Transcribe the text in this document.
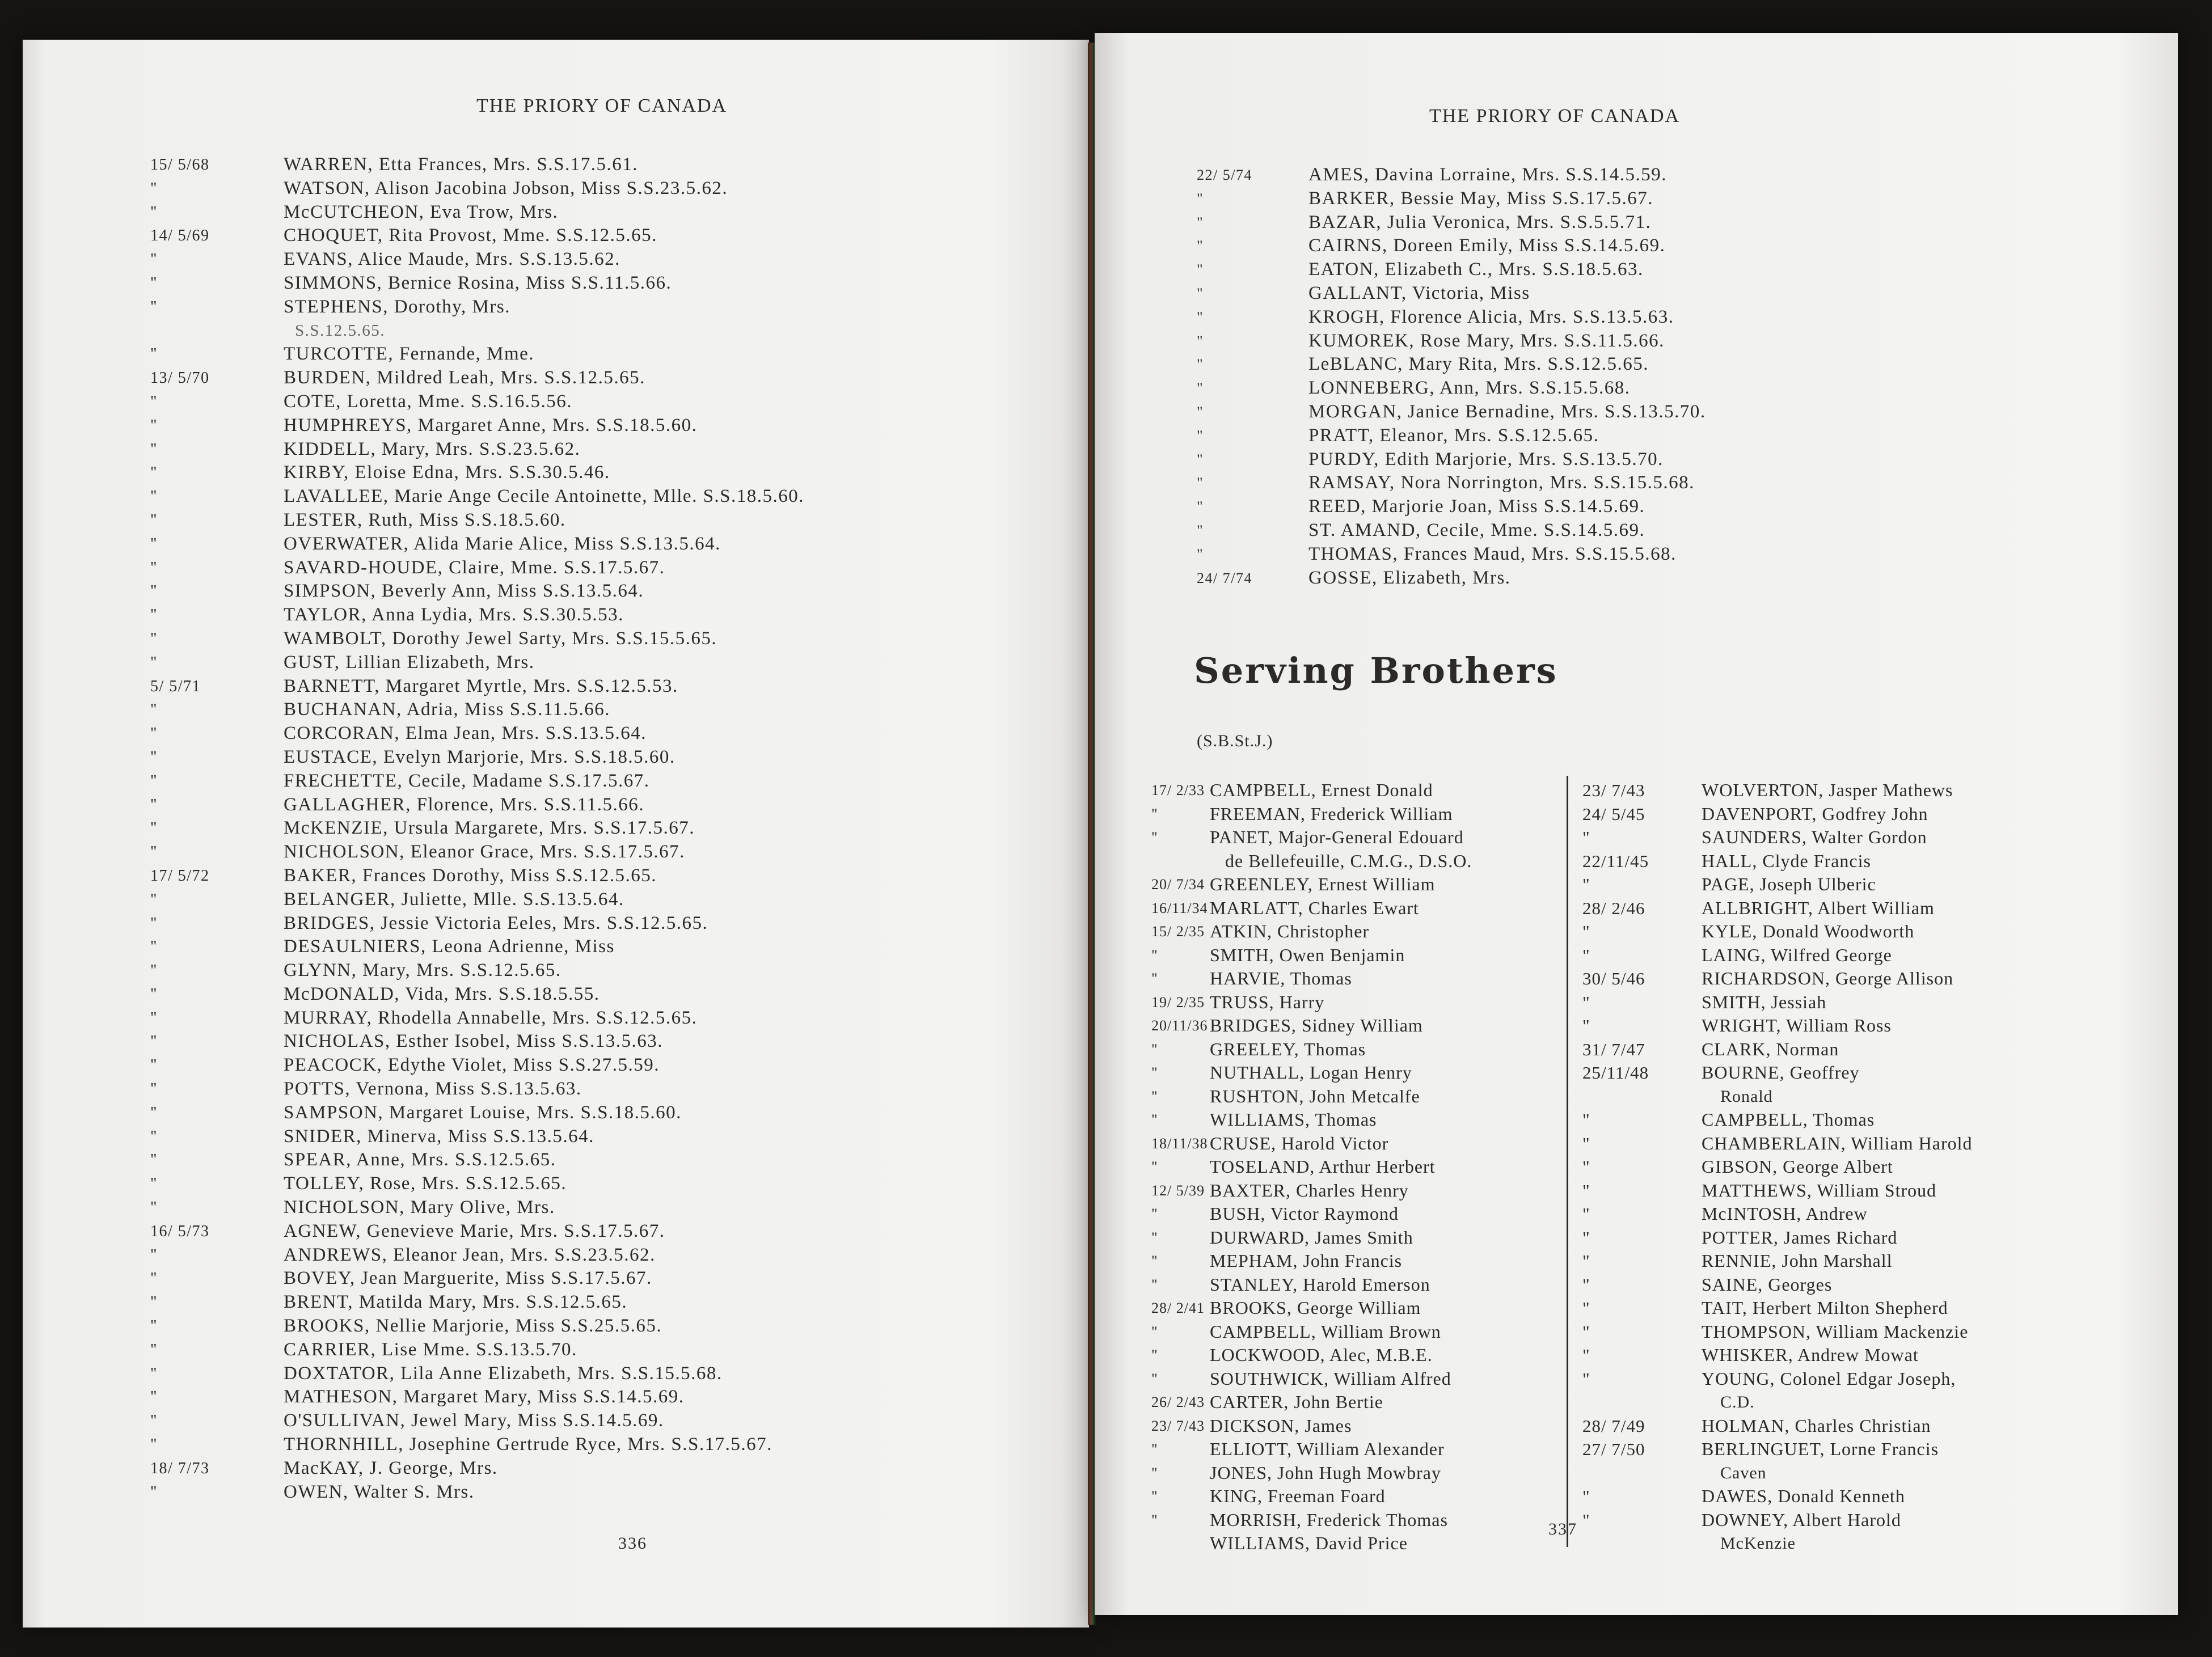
THE PRIORY OF CANADA
15/ 5/68	WARREN, Etta Frances, Mrs. S.S.17.5.61.
"	WATSON, Alison Jacobina Jobson, Miss S.S.23.5.62.
"	McCUTCHEON, Eva Trow, Mrs.
14/ 5/69	CHOQUET, Rita Provost, Mme. S.S.12.5.65.
"	EVANS, Alice Maude, Mrs. S.S.13.5.62.
"	SIMMONS, Bernice Rosina, Miss S.S.11.5.66.
"	STEPHENS, Dorothy, Mrs.
S.S.12.5.65.
"	TURCOTTE, Fernande, Mme.
13/ 5/70	BURDEN, Mildred Leah, Mrs. S.S.12.5.65.
"	COTE, Loretta, Mme. S.S.16.5.56.
"	HUMPHREYS, Margaret Anne, Mrs. S.S.18.5.60.
"	KIDDELL, Mary, Mrs. S.S.23.5.62.
"	KIRBY, Eloise Edna, Mrs. S.S.30.5.46.
"	LAVALLEE, Marie Ange Cecile Antoinette, Mlle. S.S.18.5.60.
"	LESTER, Ruth, Miss S.S.18.5.60.
"	OVERWATER, Alida Marie Alice, Miss S.S.13.5.64.
"	SAVARD-HOUDE, Claire, Mme. S.S.17.5.67.
"	SIMPSON, Beverly Ann, Miss S.S.13.5.64.
"	TAYLOR, Anna Lydia, Mrs. S.S.30.5.53.
"	WAMBOLT, Dorothy Jewel Sarty, Mrs. S.S.15.5.65.
"	GUST, Lillian Elizabeth, Mrs.
5/ 5/71	BARNETT, Margaret Myrtle, Mrs. S.S.12.5.53.
"	BUCHANAN, Adria, Miss S.S.11.5.66.
"	CORCORAN, Elma Jean, Mrs. S.S.13.5.64.
"	EUSTACE, Evelyn Marjorie, Mrs. S.S.18.5.60.
"	FRECHETTE, Cecile, Madame S.S.17.5.67.
"	GALLAGHER, Florence, Mrs. S.S.11.5.66.
"	McKENZIE, Ursula Margarete, Mrs. S.S.17.5.67.
"	NICHOLSON, Eleanor Grace, Mrs. S.S.17.5.67.
17/ 5/72	BAKER, Frances Dorothy, Miss S.S.12.5.65.
"	BELANGER, Juliette, Mlle. S.S.13.5.64.
"	BRIDGES, Jessie Victoria Eeles, Mrs. S.S.12.5.65.
"	DESAULNIERS, Leona Adrienne, Miss
"	GLYNN, Mary, Mrs. S.S.12.5.65.
"	McDONALD, Vida, Mrs. S.S.18.5.55.
"	MURRAY, Rhodella Annabelle, Mrs. S.S.12.5.65.
"	NICHOLAS, Esther Isobel, Miss S.S.13.5.63.
"	PEACOCK, Edythe Violet, Miss S.S.27.5.59.
"	POTTS, Vernona, Miss S.S.13.5.63.
"	SAMPSON, Margaret Louise, Mrs. S.S.18.5.60.
"	SNIDER, Minerva, Miss S.S.13.5.64.
"	SPEAR, Anne, Mrs. S.S.12.5.65.
"	TOLLEY, Rose, Mrs. S.S.12.5.65.
"	NICHOLSON, Mary Olive, Mrs.
16/ 5/73	AGNEW, Genevieve Marie, Mrs. S.S.17.5.67.
"	ANDREWS, Eleanor Jean, Mrs. S.S.23.5.62.
"	BOVEY, Jean Marguerite, Miss S.S.17.5.67.
"	BRENT, Matilda Mary, Mrs. S.S.12.5.65.
"	BROOKS, Nellie Marjorie, Miss S.S.25.5.65.
"	CARRIER, Lise Mme. S.S.13.5.70.
"	DOXTATOR, Lila Anne Elizabeth, Mrs. S.S.15.5.68.
"	MATHESON, Margaret Mary, Miss S.S.14.5.69.
"	O'SULLIVAN, Jewel Mary, Miss S.S.14.5.69.
"	THORNHILL, Josephine Gertrude Ryce, Mrs. S.S.17.5.67.
18/ 7/73	MacKAY, J. George, Mrs.
"	OWEN, Walter S. Mrs.
336
THE PRIORY OF CANADA
22/ 5/74	AMES, Davina Lorraine, Mrs. S.S.14.5.59.
"	BARKER, Bessie May, Miss S.S.17.5.67.
"	BAZAR, Julia Veronica, Mrs. S.S.5.5.71.
"	CAIRNS, Doreen Emily, Miss S.S.14.5.69.
"	EATON, Elizabeth C., Mrs. S.S.18.5.63.
"	GALLANT, Victoria, Miss
"	KROGH, Florence Alicia, Mrs. S.S.13.5.63.
"	KUMOREK, Rose Mary, Mrs. S.S.11.5.66.
"	LeBLANC, Mary Rita, Mrs. S.S.12.5.65.
"	LONNEBERG, Ann, Mrs. S.S.15.5.68.
"	MORGAN, Janice Bernadine, Mrs. S.S.13.5.70.
"	PRATT, Eleanor, Mrs. S.S.12.5.65.
"	PURDY, Edith Marjorie, Mrs. S.S.13.5.70.
"	RAMSAY, Nora Norrington, Mrs. S.S.15.5.68.
"	REED, Marjorie Joan, Miss S.S.14.5.69.
"	ST. AMAND, Cecile, Mme. S.S.14.5.69.
"	THOMAS, Frances Maud, Mrs. S.S.15.5.68.
24/ 7/74	GOSSE, Elizabeth, Mrs.
Serving Brothers
(S.B.St.J.)
17/ 2/33 CAMPBELL, Ernest Donald
"	FREEMAN, Frederick William
"	PANET, Major-General Edouard
de Bellefeuille, C.M.G., D.S.O.
20/ 7/34 GREENLEY, Ernest William
16/11/34 MARLATT, Charles Ewart
15/ 2/35 ATKIN, Christopher
"	SMITH, Owen Benjamin
"	HARVIE, Thomas
19/ 2/35 TRUSS, Harry
20/11/36 BRIDGES, Sidney William
"	GREELEY, Thomas
"	NUTHALL, Logan Henry
"	RUSHTON, John Metcalfe
"	WILLIAMS, Thomas
18/11/38 CRUSE, Harold Victor
"	TOSELAND, Arthur Herbert
12/ 5/39 BAXTER, Charles Henry
"	BUSH, Victor Raymond
"	DURWARD, James Smith
"	MEPHAM, John Francis
"	STANLEY, Harold Emerson
28/ 2/41 BROOKS, George William
"	CAMPBELL, William Brown
"	LOCKWOOD, Alec, M.B.E.
"	SOUTHWICK, William Alfred
26/ 2/43 CARTER, John Bertie
23/ 7/43 DICKSON, James
"	ELLIOTT, William Alexander
"	JONES, John Hugh Mowbray
"	KING, Freeman Foard
"	MORRISH, Frederick Thomas
WILLIAMS, David Price
23/ 7/43	WOLVERTON, Jasper Mathews
24/ 5/45	DAVENPORT, Godfrey John
"	SAUNDERS, Walter Gordon
22/11/45	HALL, Clyde Francis
"	PAGE, Joseph Ulberic
28/ 2/46	ALLBRIGHT, Albert William
"	KYLE, Donald Woodworth
"	LAING, Wilfred George
30/ 5/46	RICHARDSON, George Allison
"	SMITH, Jessiah
"	WRIGHT, William Ross
31/ 7/47	CLARK, Norman
25/11/48	BOURNE, Geoffrey
Ronald
"	CAMPBELL, Thomas
"	CHAMBERLAIN, William Harold
"	GIBSON, George Albert
"	MATTHEWS, William Stroud
"	McINTOSH, Andrew
"	POTTER, James Richard
"	RENNIE, John Marshall
"	SAINE, Georges
"	TAIT, Herbert Milton Shepherd
"	THOMPSON, William Mackenzie
"	WHISKER, Andrew Mowat
"	YOUNG, Colonel Edgar Joseph,
C.D.
28/ 7/49	HOLMAN, Charles Christian
27/ 7/50	BERLINGUET, Lorne Francis
Caven
"	DAWES, Donald Kenneth
"	DOWNEY, Albert Harold
McKenzie
337
